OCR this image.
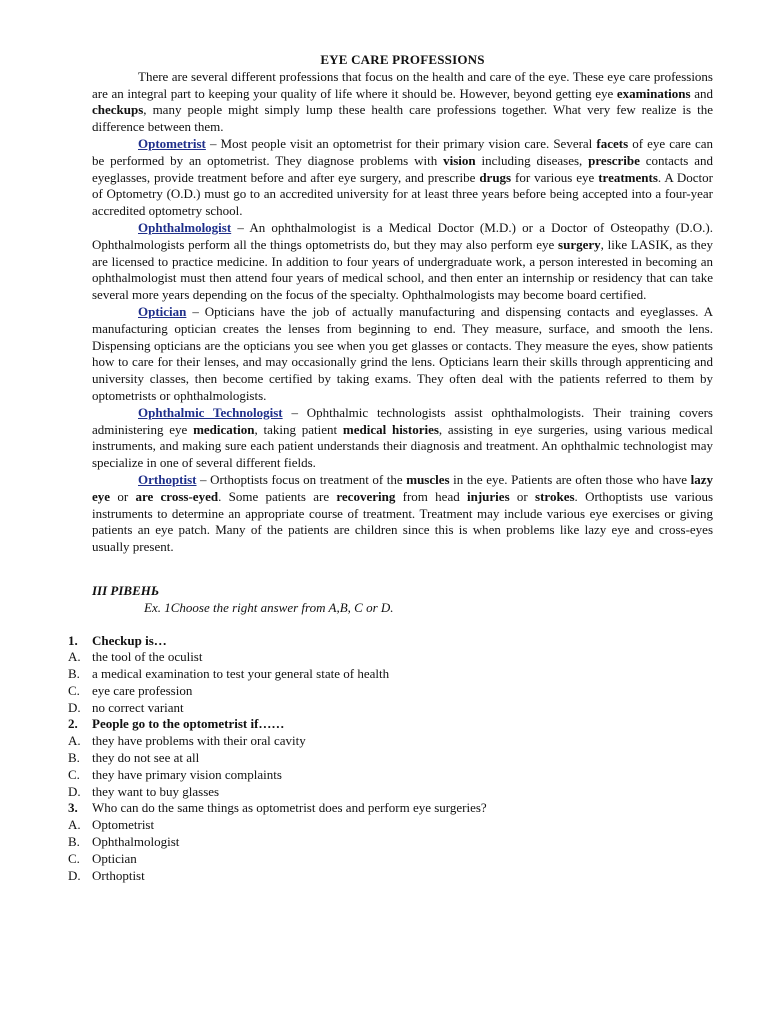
EYE CARE PROFESSIONS

There are several different professions that focus on the health and care of the eye. These eye care professions are an integral part to keeping your quality of life where it should be. However, beyond getting eye examinations and checkups, many people might simply lump these health care professions together. What very few realize is the difference between them.

Optometrist – Most people visit an optometrist for their primary vision care. Several facets of eye care can be performed by an optometrist. They diagnose problems with vision including diseases, prescribe contacts and eyeglasses, provide treatment before and after eye surgery, and prescribe drugs for various eye treatments. A Doctor of Optometry (O.D.) must go to an accredited university for at least three years before being accepted into a four-year accredited optometry school.

Ophthalmologist – An ophthalmologist is a Medical Doctor (M.D.) or a Doctor of Osteopathy (D.O.). Ophthalmologists perform all the things optometrists do, but they may also perform eye surgery, like LASIK, as they are licensed to practice medicine. In addition to four years of undergraduate work, a person interested in becoming an ophthalmologist must then attend four years of medical school, and then enter an internship or residency that can take several more years depending on the focus of the specialty. Ophthalmologists may become board certified.

Optician – Opticians have the job of actually manufacturing and dispensing contacts and eyeglasses. A manufacturing optician creates the lenses from beginning to end. They measure, surface, and smooth the lens. Dispensing opticians are the opticians you see when you get glasses or contacts. They measure the eyes, show patients how to care for their lenses, and may occasionally grind the lens. Opticians learn their skills through apprenticing and university classes, then become certified by taking exams. They often deal with the patients referred to them by optometrists or ophthalmologists.

Ophthalmic Technologist – Ophthalmic technologists assist ophthalmologists. Their training covers administering eye medication, taking patient medical histories, assisting in eye surgeries, using various medical instruments, and making sure each patient understands their diagnosis and treatment. An ophthalmic technologist may specialize in one of several different fields.

Orthoptist – Orthoptists focus on treatment of the muscles in the eye. Patients are often those who have lazy eye or are cross-eyed. Some patients are recovering from head injuries or strokes. Orthoptists use various instruments to determine an appropriate course of treatment. Treatment may include various eye exercises or giving patients an eye patch. Many of the patients are children since this is when problems like lazy eye and cross-eyes usually present.

III РІВЕНЬ
Ex. 1Choose the right answer from A,B, C or D.
1.	Checkup is…
A. the tool of the oculist
B. a medical examination to test your general state of health
C. eye care profession
D. no correct variant
2.	People go to the optometrist if……
A. they have problems with their oral cavity
B. they do not see at all
C. they have primary vision complaints
D. they want to buy glasses
3.	Who can do the same things as optometrist does and perform eye surgeries?
A. Optometrist
B. Ophthalmologist
C. Optician
D. Orthoptist
